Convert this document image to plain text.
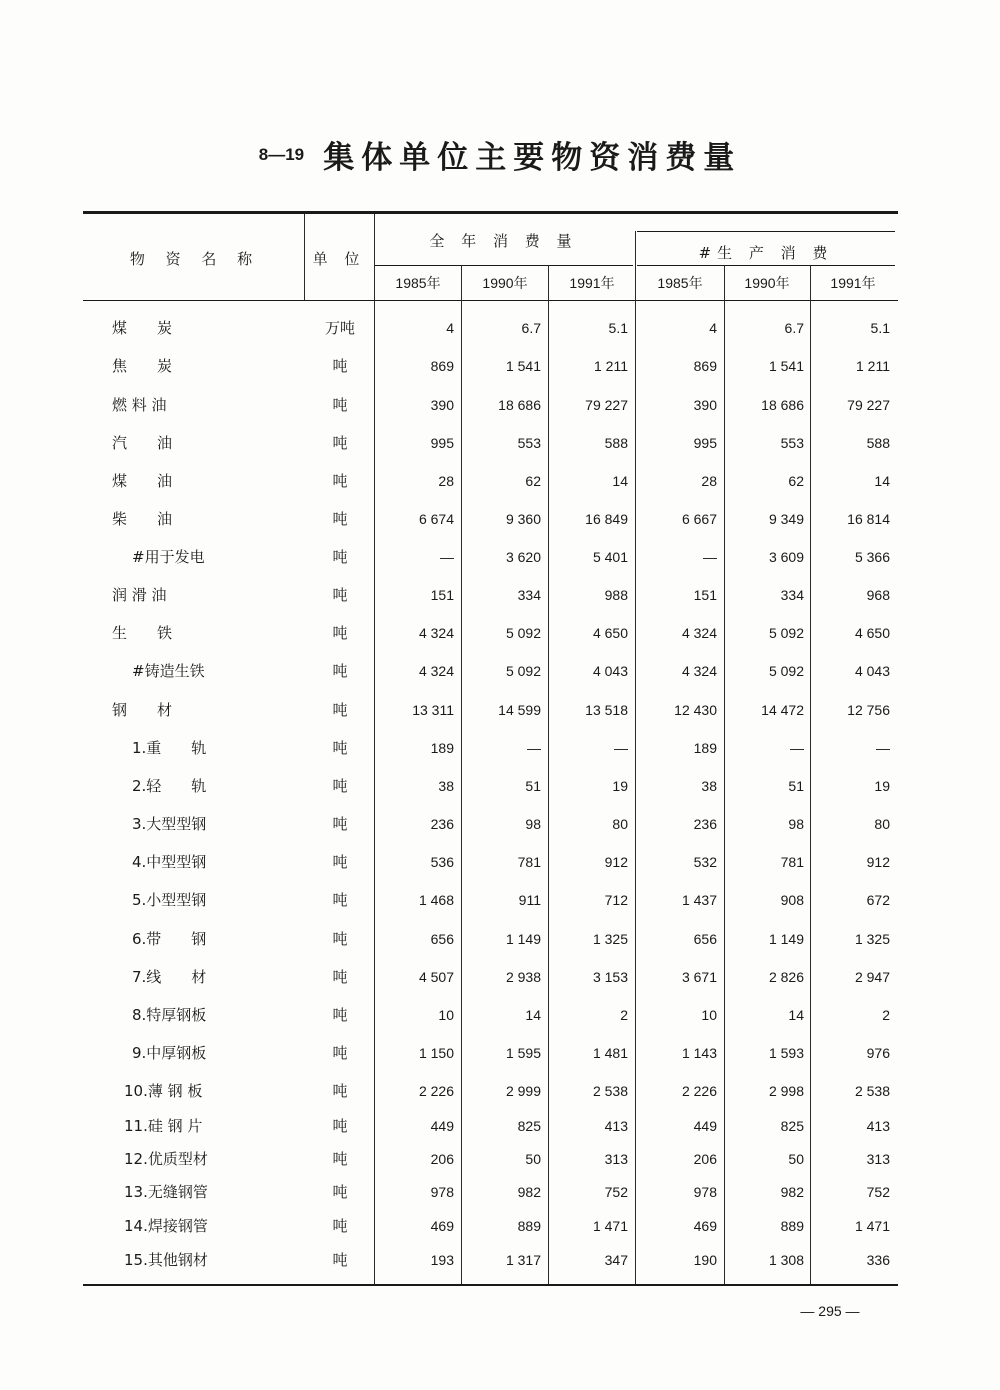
8—19 集体单位主要物资消费量
物 资 名 称	单 位
全 年 消 费 量
#生 产 消 费
1985年	1990年	1991年	1985年	1990年	1991年
煤　　炭	万吨	4	6.7	5.1	4	6.7	5.1
焦　　炭	吨	869	1 541	1 211	869	1 541	1 211
燃 料 油	吨	390	18 686	79 227	390	18 686	79 227
汽　　油	吨	995	553	588	995	553	588
煤　　油	吨	28	62	14	28	62	14
柴　　油	吨	6 674	9 360	16 849	6 667	9 349	16 814
#用于发电	吨	—	3 620	5 401	—	3 609	5 366
润 滑 油	吨	151	334	988	151	334	968
生　　铁	吨	4 324	5 092	4 650	4 324	5 092	4 650
#铸造生铁	吨	4 324	5 092	4 043	4 324	5 092	4 043
钢　　材	吨	13 311	14 599	13 518	12 430	14 472	12 756
1.重　　轨	吨	189	—	—	189	—	—
2.轻　　轨	吨	38	51	19	38	51	19
3.大型型钢	吨	236	98	80	236	98	80
4.中型型钢	吨	536	781	912	532	781	912
5.小型型钢	吨	1 468	911	712	1 437	908	672
6.带　　钢	吨	656	1 149	1 325	656	1 149	1 325
7.线　　材	吨	4 507	2 938	3 153	3 671	2 826	2 947
8.特厚钢板	吨	10	14	2	10	14	2
9.中厚钢板	吨	1 150	1 595	1 481	1 143	1 593	976
10.薄 钢 板	吨	2 226	2 999	2 538	2 226	2 998	2 538
11.硅 钢 片	吨	449	825	413	449	825	413
12.优质型材	吨	206	50	313	206	50	313
13.无缝钢管	吨	978	982	752	978	982	752
14.焊接钢管	吨	469	889	1 471	469	889	1 471
15.其他钢材	吨	193	1 317	347	190	1 308	336
— 295 —
